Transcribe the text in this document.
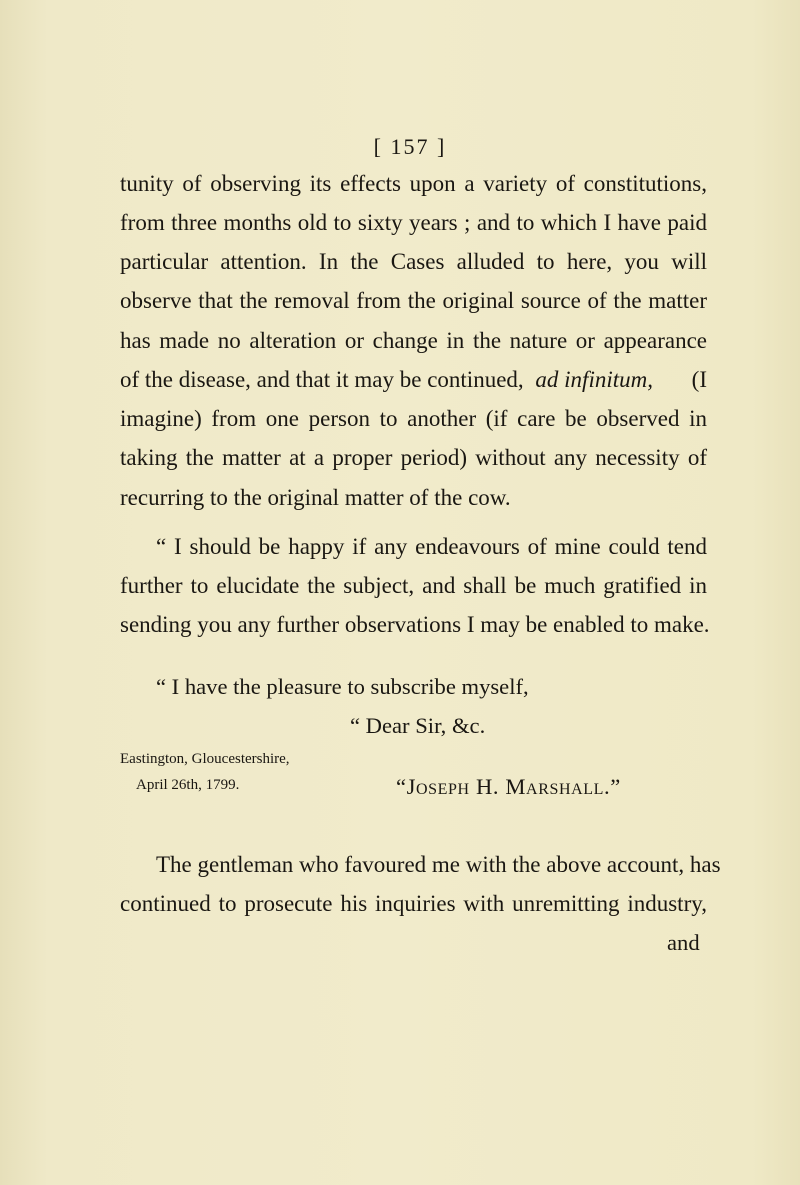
[ 157 ]
tunity of observing its effects upon a variety of constitutions,
from three months old to sixty years ; and to which I have paid
particular attention. In the Cases alluded to here, you will
observe that the removal from the original source of the matter
has made no alteration or change in the nature or appearance
of the disease, and that it may be continued, ad infinitum, (I
imagine) from one person to another (if care be observed in
taking the matter at a proper period) without any necessity of
recurring to the original matter of the cow.
“ I should be happy if any endeavours of mine could tend
further to elucidate the subject, and shall be much gratified in
sending you any further observations I may be enabled to make.
“ I have the pleasure to subscribe myself,
“ Dear Sir, &c.
Eastington, Gloucestershire,
April 26th, 1799.	“Joseph H. Marshall.”
The gentleman who favoured me with the above account, has
continued to prosecute his inquiries with unremitting industry,
and
